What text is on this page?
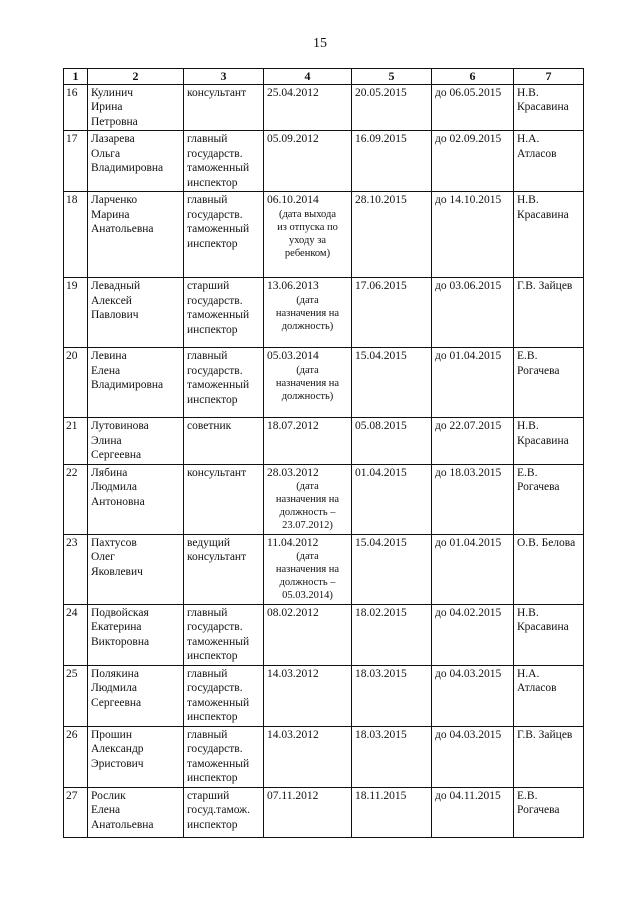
15
1	2	3	4	5	6	7
16	Кулинич
Ирина
Петровна	консультант	25.04.2012	20.05.2015	до 06.05.2015	Н.В.
Красавина

17	Лазарева
Ольга
Владимировна	главный
государств.
таможенный
инспектор	05.09.2012	16.09.2015	до 02.09.2015	Н.А. Атласов

18	Ларченко
Марина
Анатольевна	главный
государств.
таможенный
инспектор	06.10.2014
(дата выхода
из отпуска по
уходу за
ребенком)	28.10.2015	до 14.10.2015	Н.В.
Красавина

19	Левадный
Алексей
Павлович	старший
государств.
таможенный
инспектор	13.06.2013
(дата
назначения на
должность)	17.06.2015	до 03.06.2015	Г.В. Зайцев

20	Левина
Елена
Владимировна	главный
государств.
таможенный
инспектор	05.03.2014
(дата
назначения на
должность)	15.04.2015	до 01.04.2015	Е.В. Рогачева

21	Лутовинова
Элина
Сергеевна	советник	18.07.2012	05.08.2015	до 22.07.2015	Н.В.
Красавина

22	Лябина
Людмила
Антоновна	консультант	28.03.2012
(дата
назначения на
должность –
23.07.2012)	01.04.2015	до 18.03.2015	Е.В. Рогачева

23	Пахтусов
Олег
Яковлевич	ведущий
консультант	11.04.2012
(дата
назначения на
должность –
05.03.2014)	15.04.2015	до 01.04.2015	О.В. Белова

24	Подвойская
Екатерина
Викторовна	главный
государств.
таможенный
инспектор	08.02.2012	18.02.2015	до 04.02.2015	Н.В.
Красавина

25	Полякина
Людмила
Сергеевна	главный
государств.
таможенный
инспектор	14.03.2012	18.03.2015	до 04.03.2015	Н.А. Атласов

26	Прошин
Александр
Эристович	главный
государств.
таможенный
инспектор	14.03.2012	18.03.2015	до 04.03.2015	Г.В. Зайцев

27	Рослик
Елена
Анатольевна	старший
госуд.тамож.
инспектор	07.11.2012	18.11.2015	до 04.11.2015	Е.В. Рогачева
